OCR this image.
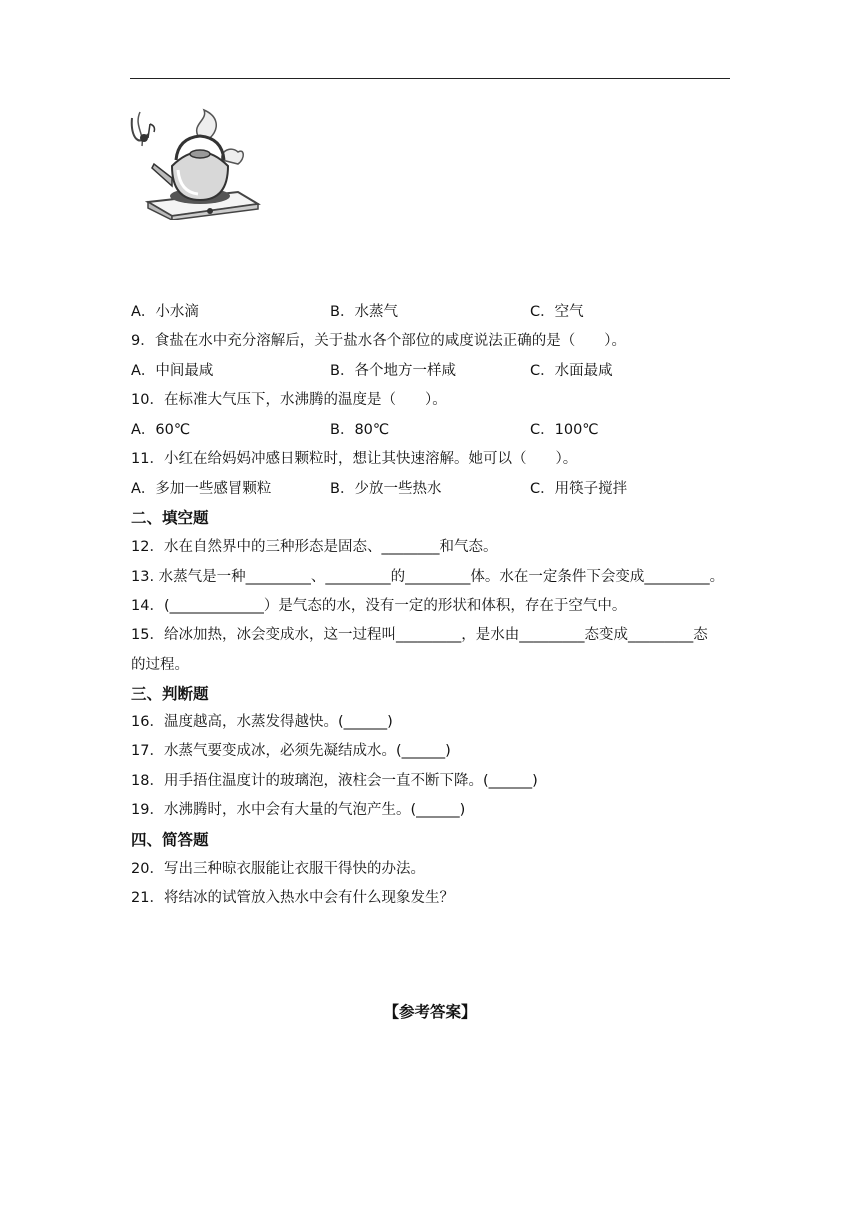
A．小水滴	B．水蒸气	C．空气
9．食盐在水中充分溶解后，关于盐水各个部位的咸度说法正确的是（　　）。
A．中间最咸	B．各个地方一样咸	C．水面最咸
10．在标准大气压下，水沸腾的温度是（　　）。
A．60℃	B．80℃	C．100℃
11．小红在给妈妈冲感日颗粒时，想让其快速溶解。她可以（　　）。
A．多加一些感冒颗粒	B．少放一些热水	C．用筷子搅拌
二、填空题
12．水在自然界中的三种形态是固态、________和气态。
13. 水蒸气是一种_________、_________的_________体。水在一定条件下会变成_________。
14．(_____________）是气态的水，没有一定的形状和体积，存在于空气中。
15．给冰加热，冰会变成水，这一过程叫_________，是水由_________态变成_________态
的过程。
三、判断题
16．温度越高，水蒸发得越快。(______)
17．水蒸气要变成冰，必须先凝结成水。(______)
18．用手捂住温度计的玻璃泡，液柱会一直不断下降。(______)
19．水沸腾时，水中会有大量的气泡产生。(______)
四、简答题
20．写出三种晾衣服能让衣服干得快的办法。
21．将结冰的试管放入热水中会有什么现象发生？
【参考答案】
